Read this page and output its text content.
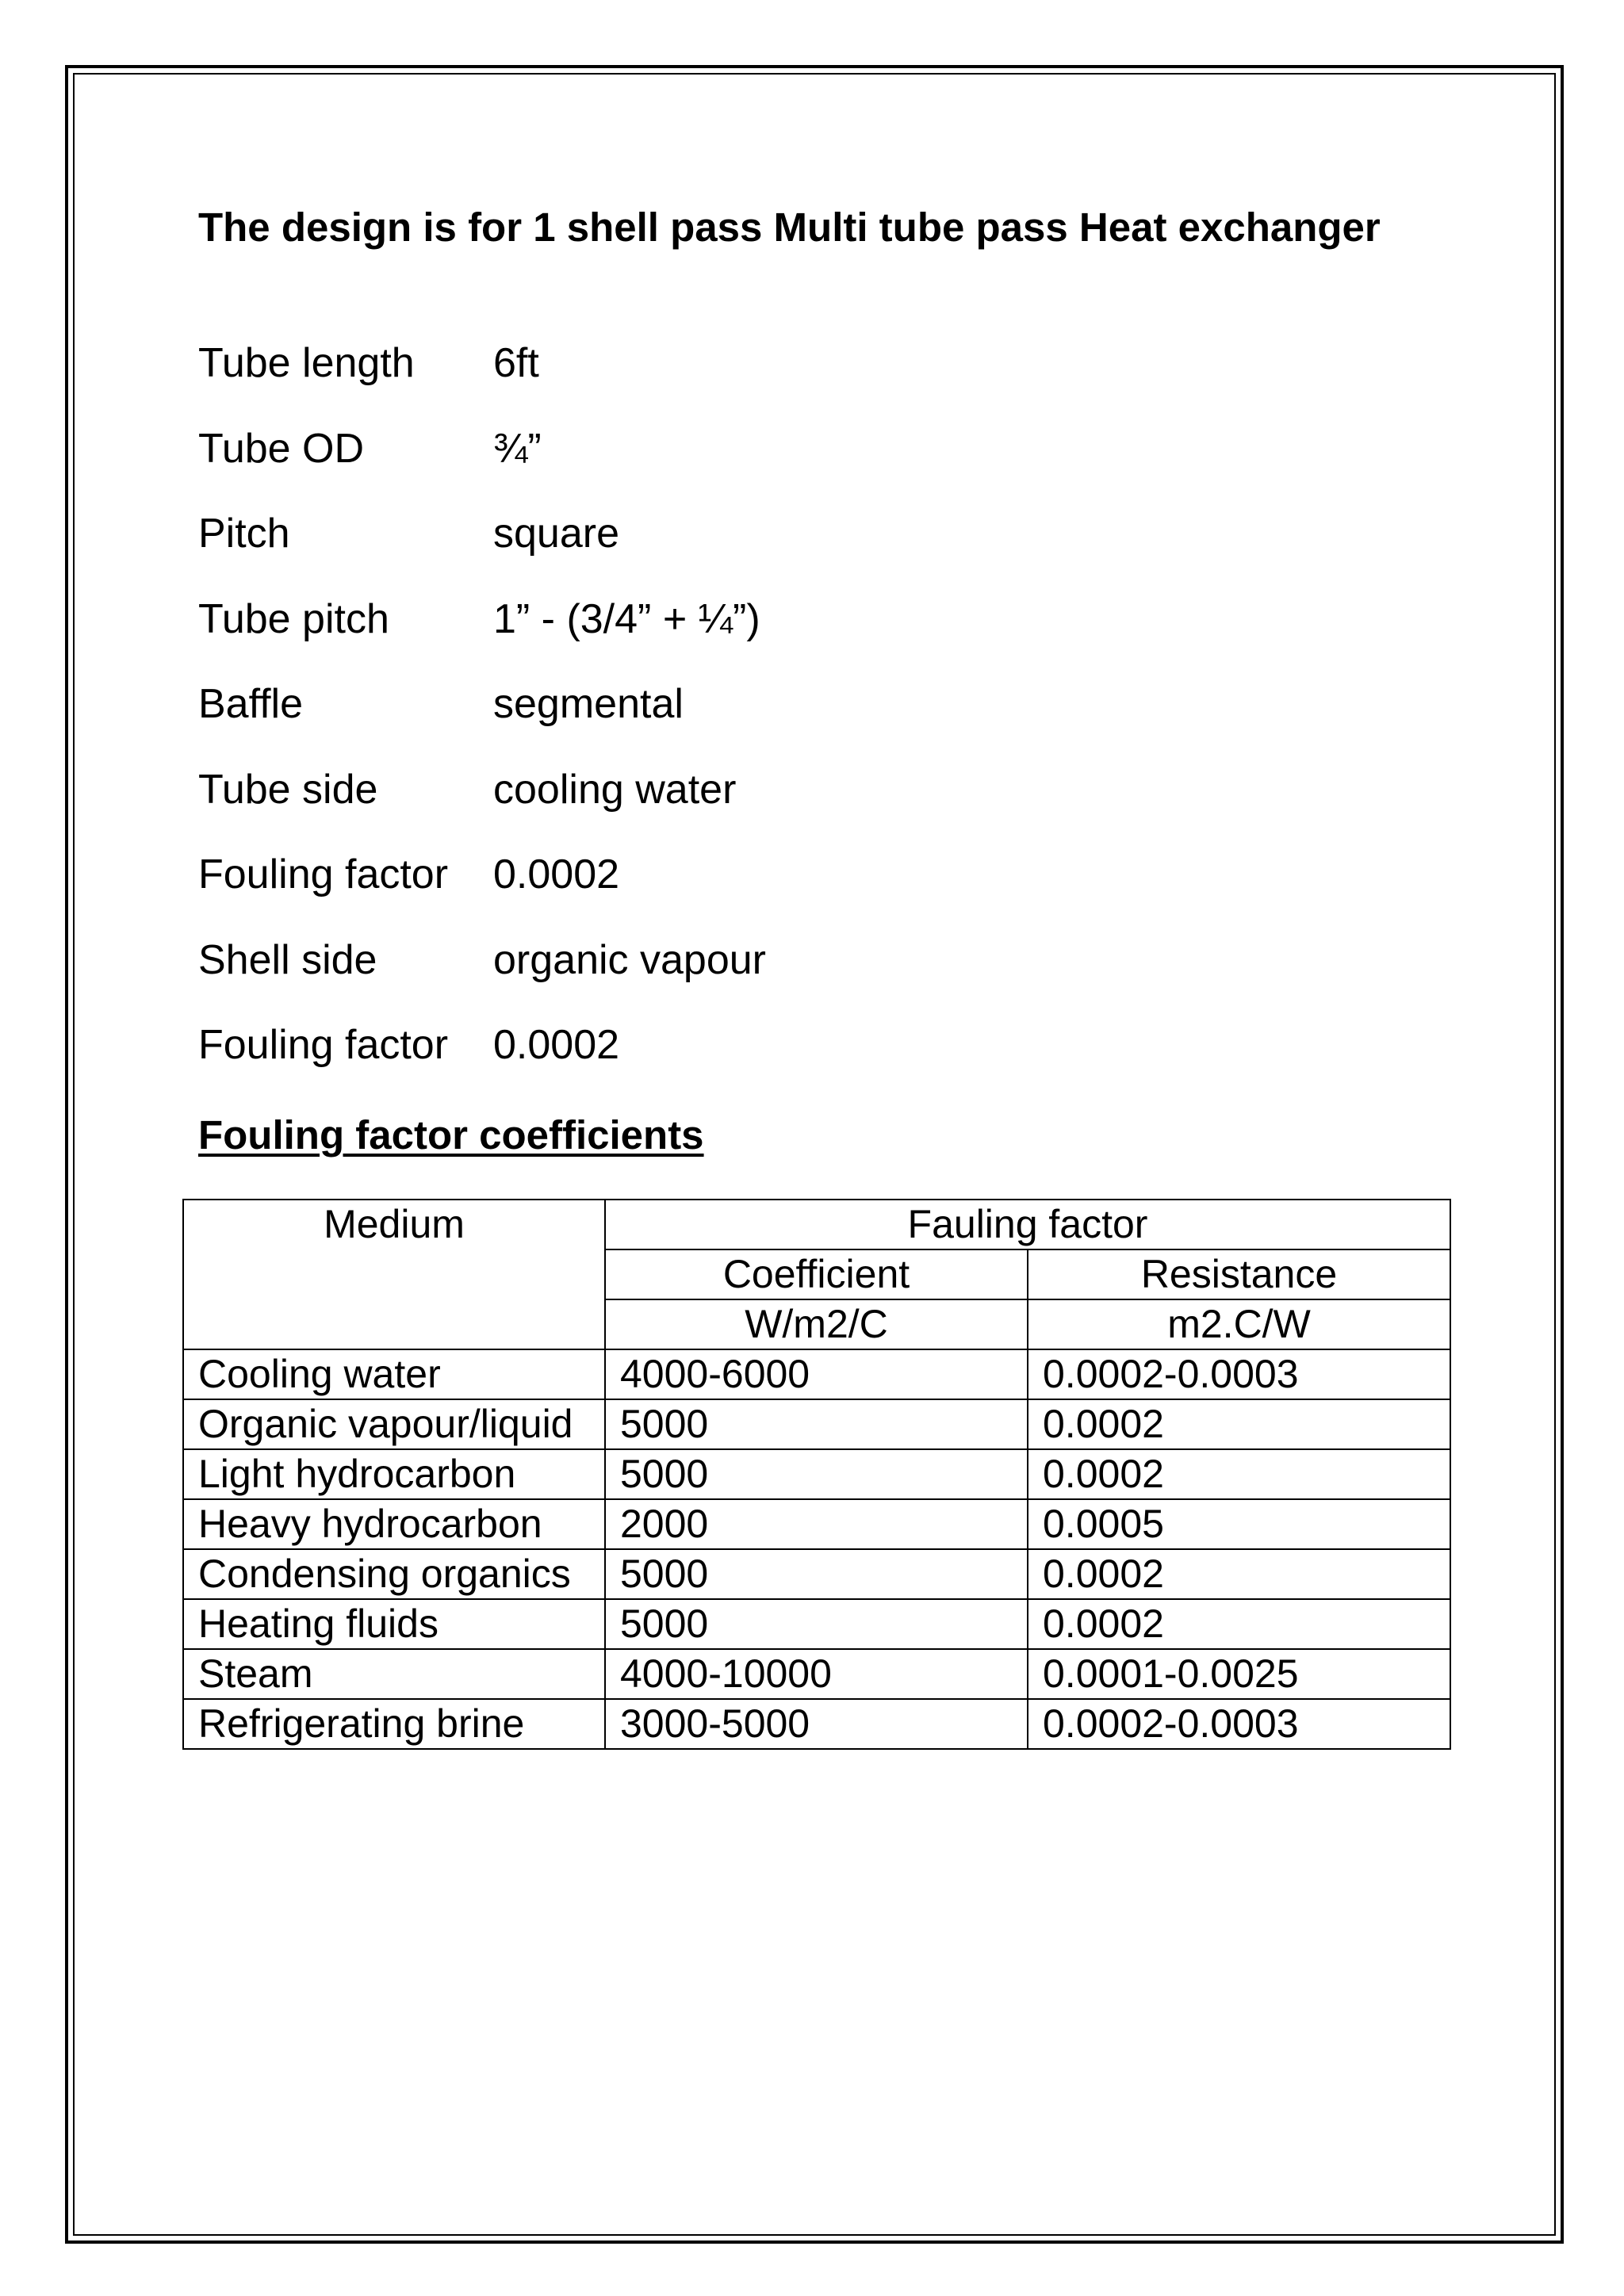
The design is for 1 shell pass Multi tube pass Heat exchanger
Tube length 6ft
Tube OD	¾”
Pitch	square
Tube pitch	1” - (3/4” + ¼”)
Baffle	segmental
Tube side	cooling water
Fouling factor 0.0002
Shell side	organic vapour
Fouling factor 0.0002
Fouling factor coefficients
Medium	Fauling factor	
	Coefficient	Resistance
	W/m2/C	m2.C/W
Cooling water	4000-6000	0.0002-0.0003
Organic vapour/liquid	5000	0.0002
Light hydrocarbon	5000	0.0002
Heavy hydrocarbon	2000	0.0005
Condensing organics	5000	0.0002
Heating fluids	5000	0.0002
Steam	4000-10000	0.0001-0.0025
Refrigerating brine	3000-5000	0.0002-0.0003
